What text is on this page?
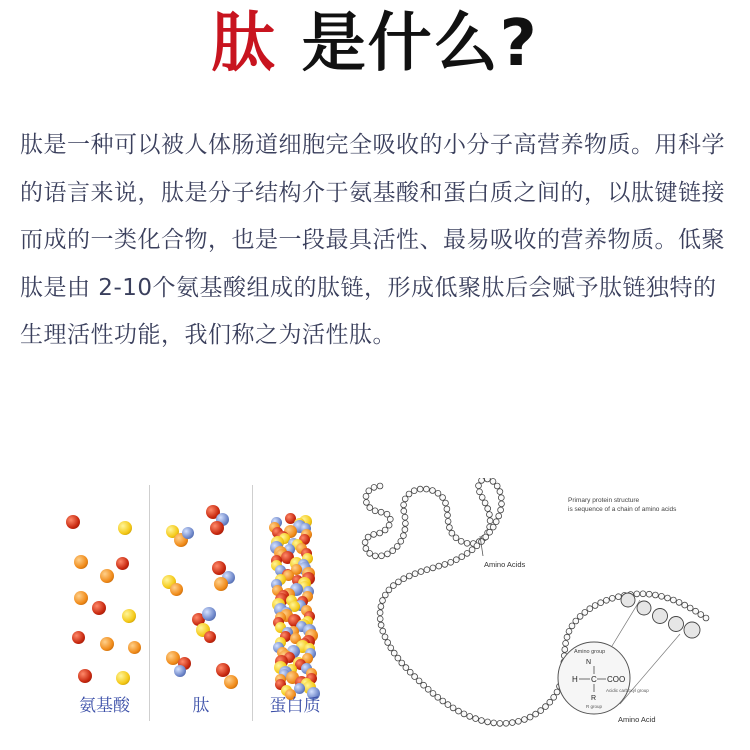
肽 是什么?
肽是一种可以被人体肠道细胞完全吸收的小分子高营养物质。用科学的语言来说，肽是分子结构介于氨基酸和蛋白质之间的，以肽键链接而成的一类化合物，也是一段最具活性、最易吸收的营养物质。低聚肽是由 2-10个氨基酸组成的肽链，形成低聚肽后会赋予肽链独特的生理活性功能，我们称之为活性肽。
氨基酸	肽	蛋白质
Primary protein structure
is sequence of a chain of amino acids
Amino Acids
Amino group
N
H C COO
R
Acidic carboxyl group
R group
Amino Acid
